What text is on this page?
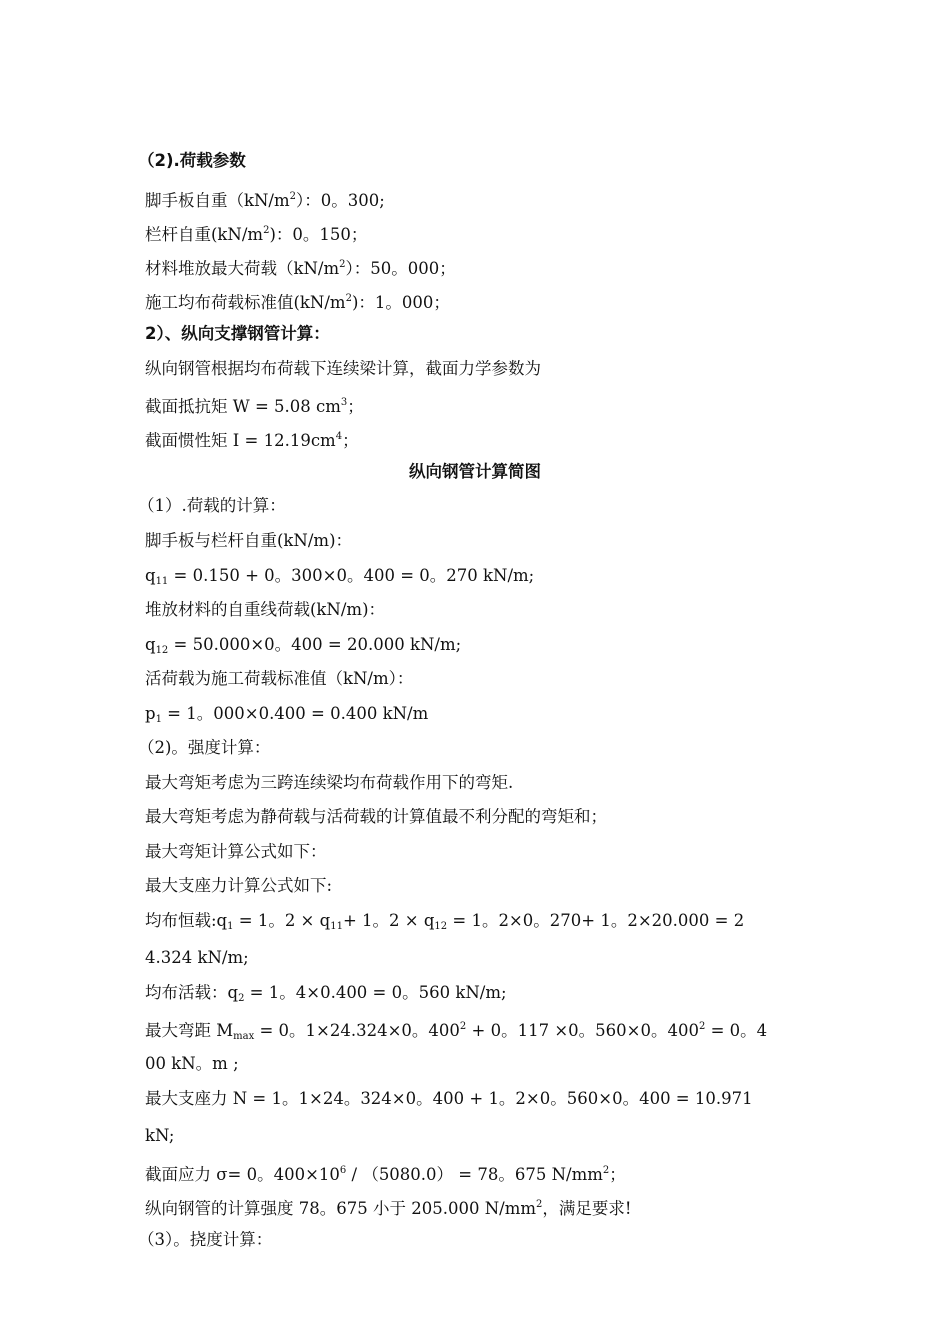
（2).荷载参数
脚手板自重$(kN/m^2)$：0。300;
栏杆自重$(kN/m^2)$：0。150；
材料堆放最大荷载$(kN/m^2)$：50。000；
施工均布荷载标准值$(kN/m^2)$：1。000；
2）、纵向支撑钢管计算：
纵向钢管根据均布荷载下连续梁计算，截面力学参数为
截面抵抗矩 W = 5.08 $cm^3$；
截面惯性矩 $I = 12.19cm^4$；
纵向钢管计算简图
（1）.荷载的计算：
脚手板与栏杆自重(kN/m)：
$q_{11} = 0.150 + 0$。300×0。400 = 0。270 kN/m;
堆放材料的自重线荷载(kN/m)：
$q_{12} = 50.000\times 0$。400 = 20.000 kN/m;
活荷载为施工荷载标准值（kN/m）：
$p_1 = 1$。000×0.400 = 0.400 kN/m
（2)。强度计算：
最大弯矩考虑为三跨连续梁均布荷载作用下的弯矩.
最大弯矩考虑为静荷载与活荷载的计算值最不利分配的弯矩和；
最大弯矩计算公式如下：
最大支座力计算公式如下:
均布恒载$:q_1 = 1$。$2 \times q_{11}+ 1$。$2 \times q_{12} = 1$。2×0。270+ 1。2×20.000 = 2
4.324 kN/m;
均布活载：$q_2 = 1$。4×0.400 = 0。560 kN/m;
最大弯距 $M_{max} = 0$。1×24.324×0。$400^2 + 0$。117 ×0。560×0。$400^2 = 0$。4
00 kN。m ;
最大支座力 N = 1。1×24。324×0。400 + 1。2×0。560×0。400 = 10.971
kN;
截面应力 σ= 0。$400\times 10^6 / (5080.0) = 78$。675 $N/mm^2$；
纵向钢管的计算强度 78。675 小于 205.000 $N/mm^2$，满足要求!
（3）。挠度计算：
